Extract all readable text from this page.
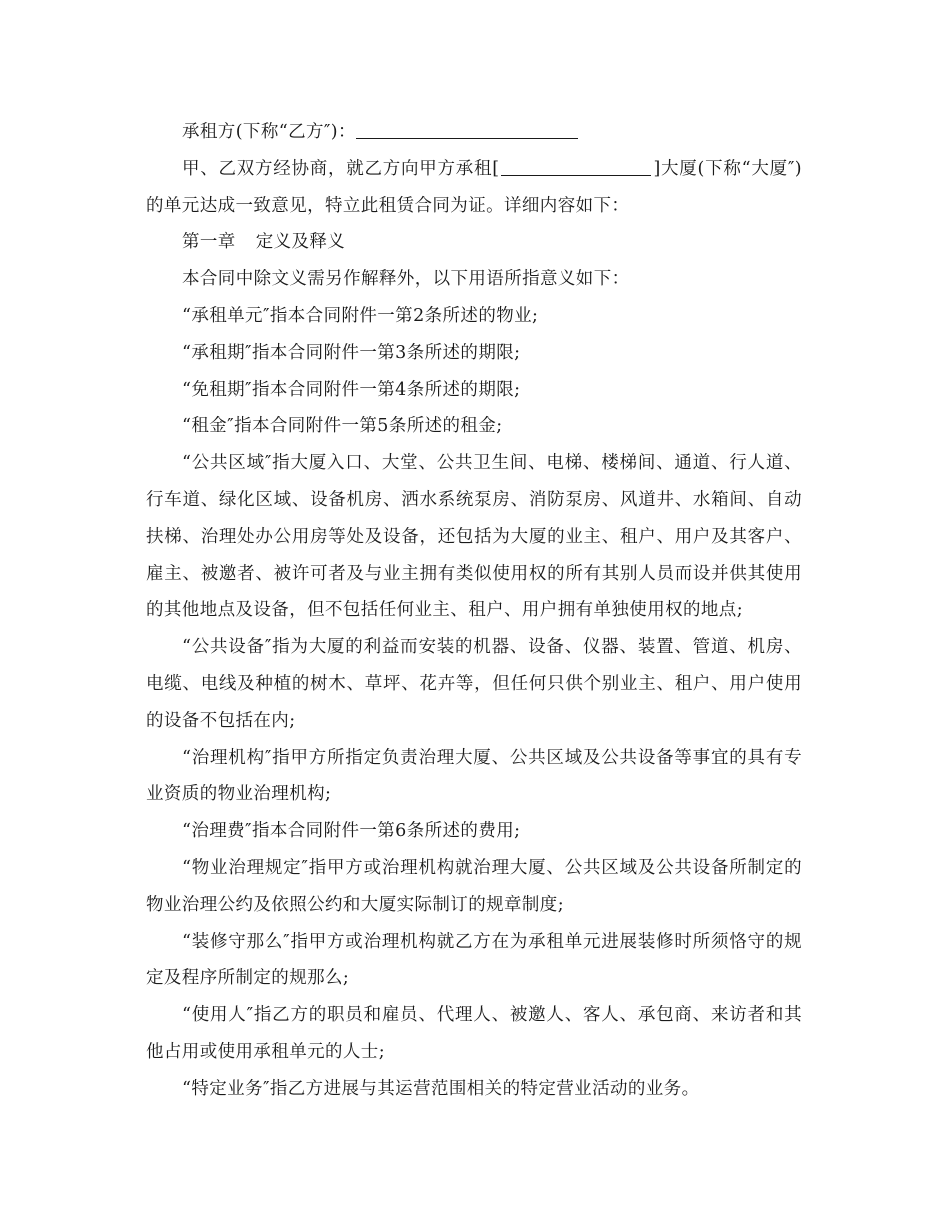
承租方(下称“乙方″)：

甲、乙双方经协商，就乙方向甲方承租[	]大厦(下称“大厦″)的单元达成一致意见，特立此租赁合同为证。详细内容如下：

第一章 定义及释义

本合同中除文义需另作解释外，以下用语所指意义如下：

“承租单元″指本合同附件一第2条所述的物业;

“承租期″指本合同附件一第3条所述的期限;

“免租期″指本合同附件一第4条所述的期限;

“租金″指本合同附件一第5条所述的租金;

“公共区域″指大厦入口、大堂、公共卫生间、电梯、楼梯间、通道、行人道、行车道、绿化区域、设备机房、洒水系统泵房、消防泵房、风道井、水箱间、自动扶梯、治理处办公用房等处及设备，还包括为大厦的业主、租户、用户及其客户、雇主、被邀者、被许可者及与业主拥有类似使用权的所有其别人员而设并供其使用的其他地点及设备，但不包括任何业主、租户、用户拥有单独使用权的地点;

“公共设备″指为大厦的利益而安装的机器、设备、仪器、装置、管道、机房、电缆、电线及种植的树木、草坪、花卉等，但任何只供个别业主、租户、用户使用的设备不包括在内;

“治理机构″指甲方所指定负责治理大厦、公共区域及公共设备等事宜的具有专业资质的物业治理机构;

“治理费″指本合同附件一第6条所述的费用;

“物业治理规定″指甲方或治理机构就治理大厦、公共区域及公共设备所制定的物业治理公约及依照公约和大厦实际制订的规章制度;

“装修守那么″指甲方或治理机构就乙方在为承租单元进展装修时所须恪守的规定及程序所制定的规那么;

“使用人″指乙方的职员和雇员、代理人、被邀人、客人、承包商、来访者和其他占用或使用承租单元的人士;

“特定业务″指乙方进展与其运营范围相关的特定营业活动的业务。
